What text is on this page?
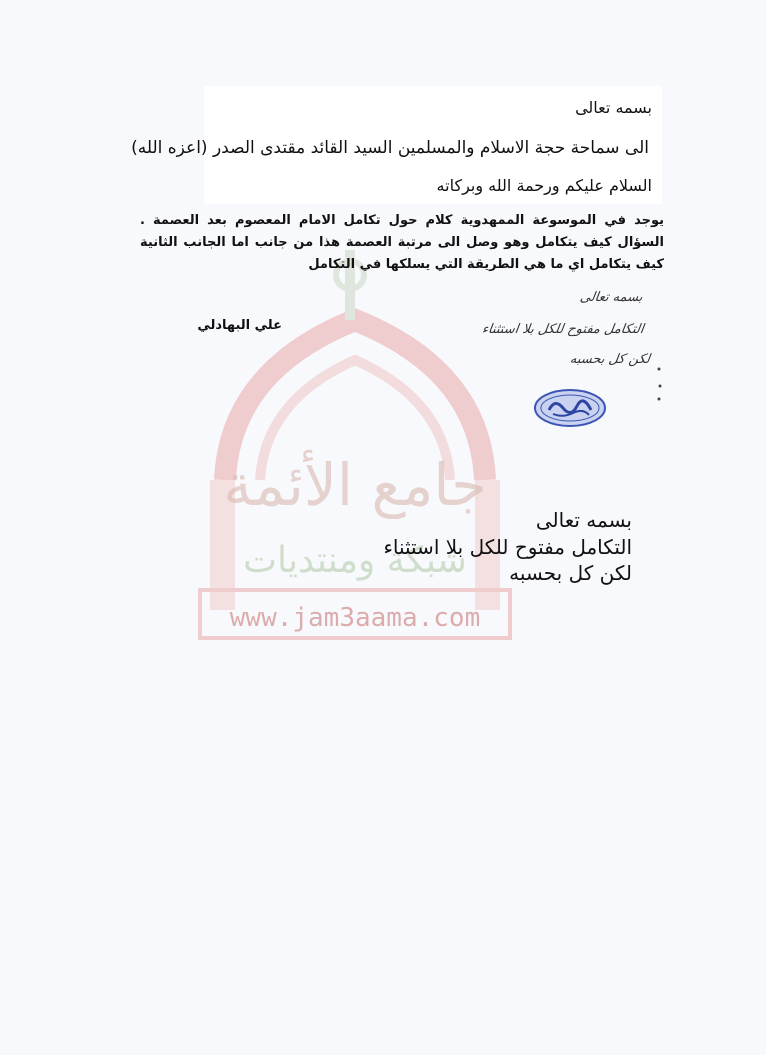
جامع الأئمة
شبكة ومنتديات
www.jam3aama.com
بسمه تعالى
الى سماحة حجة الاسلام والمسلمين السيد القائد مقتدى الصدر (اعزه الله)
السلام عليكم ورحمة الله وبركاته
يوجد في الموسوعة الممهدوية كلام حول تكامل الامام المعصوم بعد العصمة . السؤال كيف يتكامل وهو وصل الى مرتبة العصمة هذا من جانب اما الجانب الثانية كيف يتكامل اي ما هي الطريقة التي يسلكها في التكامل
علي البهادلي
بسمه تعالى
التكامل مفتوح للكل بلا استثناء
لكن كل بحسبه
بسمه تعالى
التكامل مفتوح للكل بلا استثناء
لكن كل بحسبه
